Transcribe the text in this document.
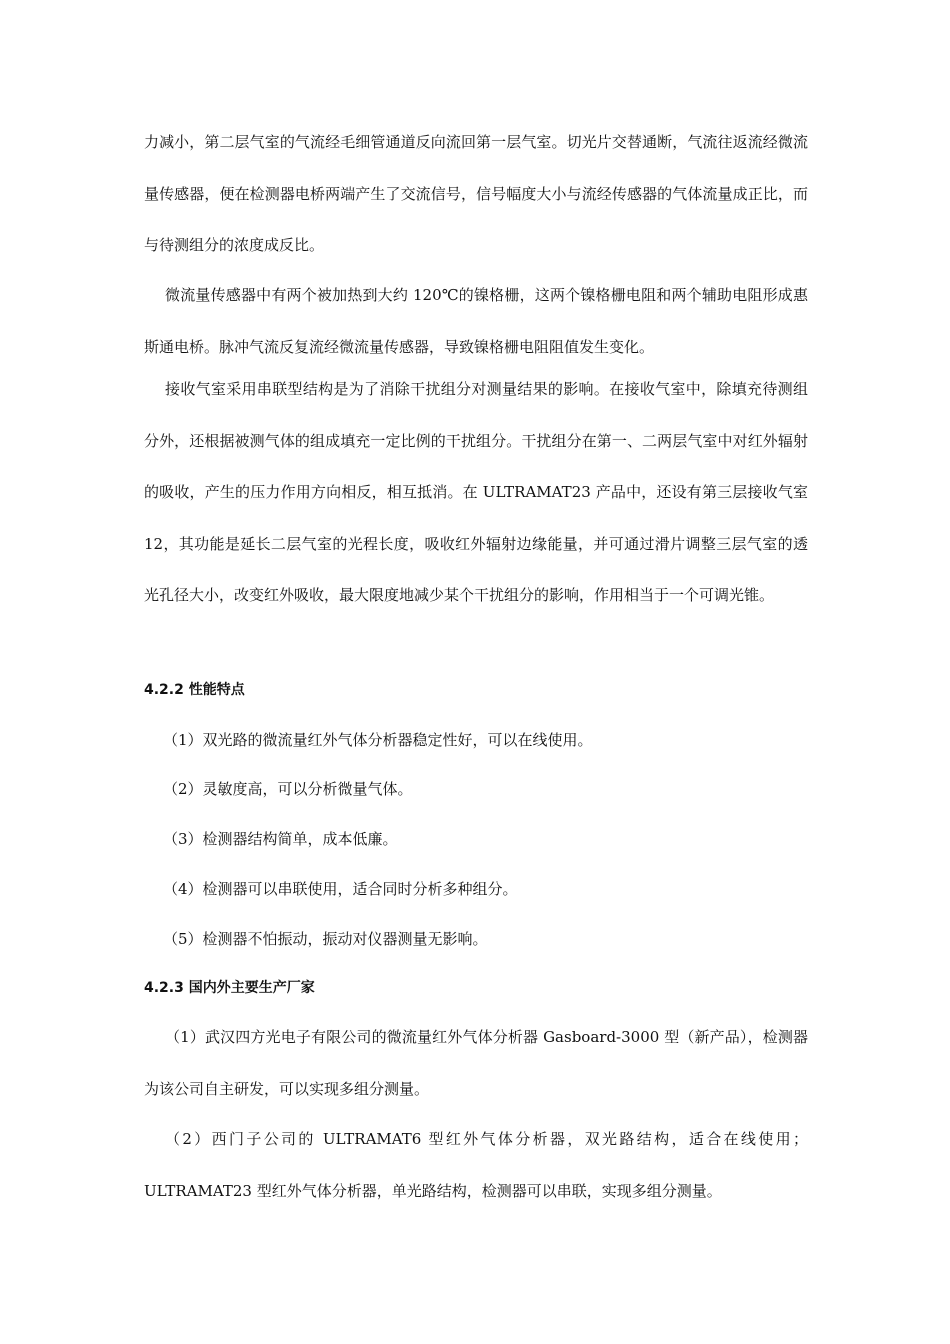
力减小，第二层气室的气流经毛细管通道反向流回第一层气室。切光片交替通断，气流往返流经微流量传感器，便在检测器电桥两端产生了交流信号，信号幅度大小与流经传感器的气体流量成正比，而与待测组分的浓度成反比。

微流量传感器中有两个被加热到大约 120℃的镍格栅，这两个镍格栅电阻和两个辅助电阻形成惠斯通电桥。脉冲气流反复流经微流量传感器，导致镍格栅电阻阻值发生变化。

接收气室采用串联型结构是为了消除干扰组分对测量结果的影响。在接收气室中，除填充待测组分外，还根据被测气体的组成填充一定比例的干扰组分。干扰组分在第一、二两层气室中对红外辐射的吸收，产生的压力作用方向相反，相互抵消。在 ULTRAMAT23 产品中，还设有第三层接收气室 12，其功能是延长二层气室的光程长度，吸收红外辐射边缘能量，并可通过滑片调整三层气室的透光孔径大小，改变红外吸收，最大限度地减少某个干扰组分的影响，作用相当于一个可调光锥。

4.2.2 性能特点

（1）双光路的微流量红外气体分析器稳定性好，可以在线使用。

（2）灵敏度高，可以分析微量气体。

（3）检测器结构简单，成本低廉。

（4）检测器可以串联使用，适合同时分析多种组分。

（5）检测器不怕振动，振动对仪器测量无影响。

4.2.3 国内外主要生产厂家

（1）武汉四方光电子有限公司的微流量红外气体分析器 Gasboard-3000 型（新产品），检测器为该公司自主研发，可以实现多组分测量。

（2）西门子公司的 ULTRAMAT6 型红外气体分析器，双光路结构，适合在线使用；ULTRAMAT23 型红外气体分析器，单光路结构，检测器可以串联，实现多组分测量。
